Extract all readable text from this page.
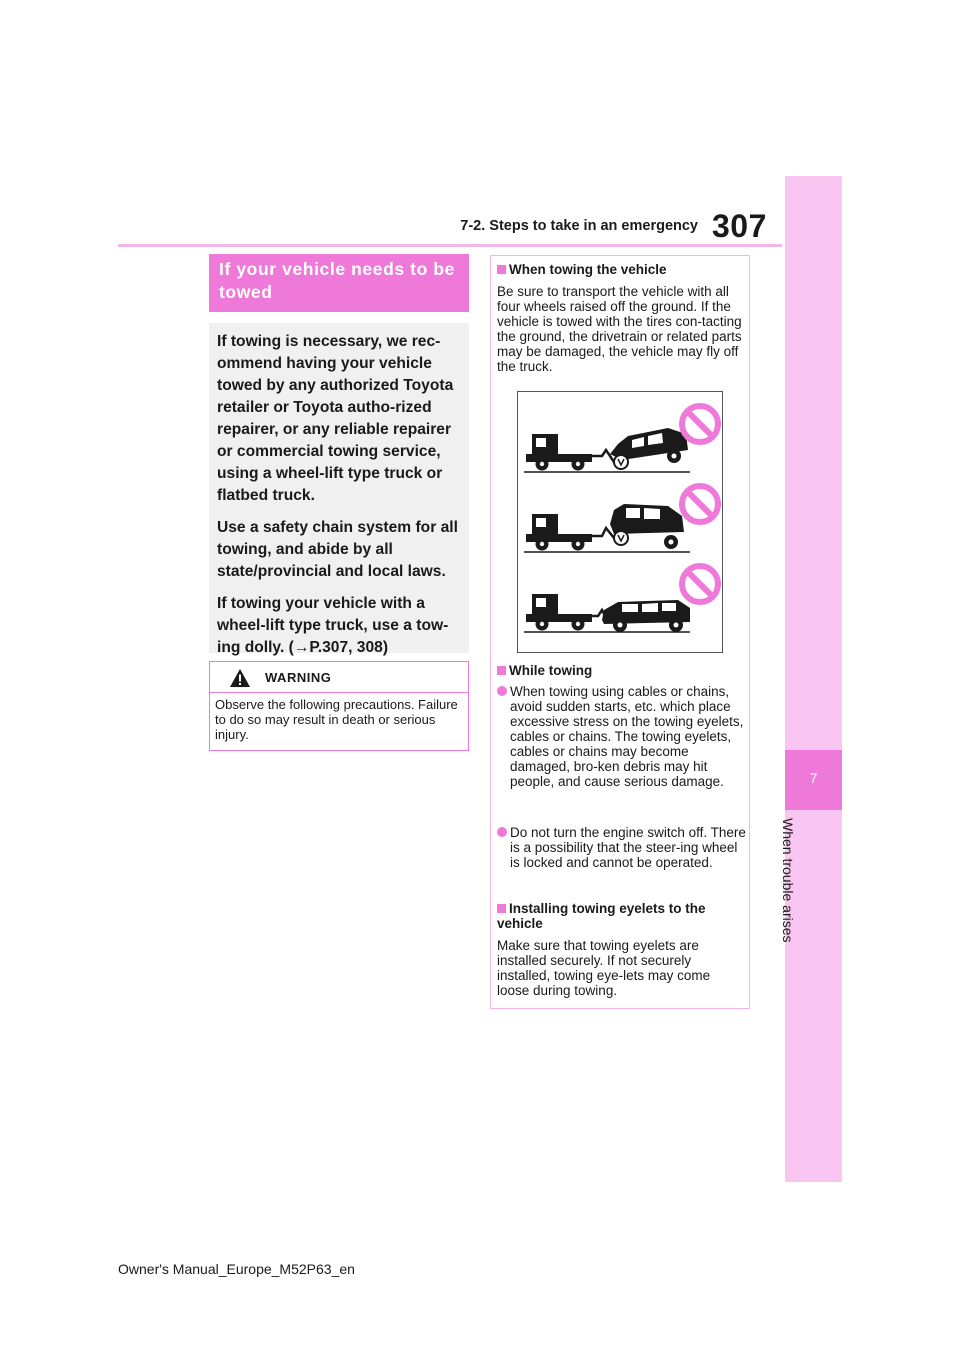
7-2. Steps to take in an emergency 307
7
When trouble arises
If your vehicle needs to be towed

If towing is necessary, we rec-ommend having your vehicle towed by any authorized Toyota retailer or Toyota autho-rized repairer, or any reliable repairer or commercial towing service, using a wheel-lift type truck or flatbed truck.

Use a safety chain system for all towing, and abide by all state/provincial and local laws.

If towing your vehicle with a wheel-lift type truck, use a tow-ing dolly. (→P.307, 308)

WARNING
Observe the following precautions. Failure to do so may result in death or serious injury.
When towing the vehicle
Be sure to transport the vehicle with all four wheels raised off the ground. If the vehicle is towed with the tires con-tacting the ground, the drivetrain or related parts may be damaged, the vehicle may fly off the truck.
While towing
When towing using cables or chains, avoid sudden starts, etc. which place excessive stress on the towing eyelets, cables or chains. The towing eyelets, cables or chains may become damaged, bro-ken debris may hit people, and cause serious damage.
Do not turn the engine switch off. There is a possibility that the steer-ing wheel is locked and cannot be operated.
Installing towing eyelets to the vehicle
Make sure that towing eyelets are installed securely. If not securely installed, towing eye-lets may come loose during towing.
Owner's Manual_Europe_M52P63_en
